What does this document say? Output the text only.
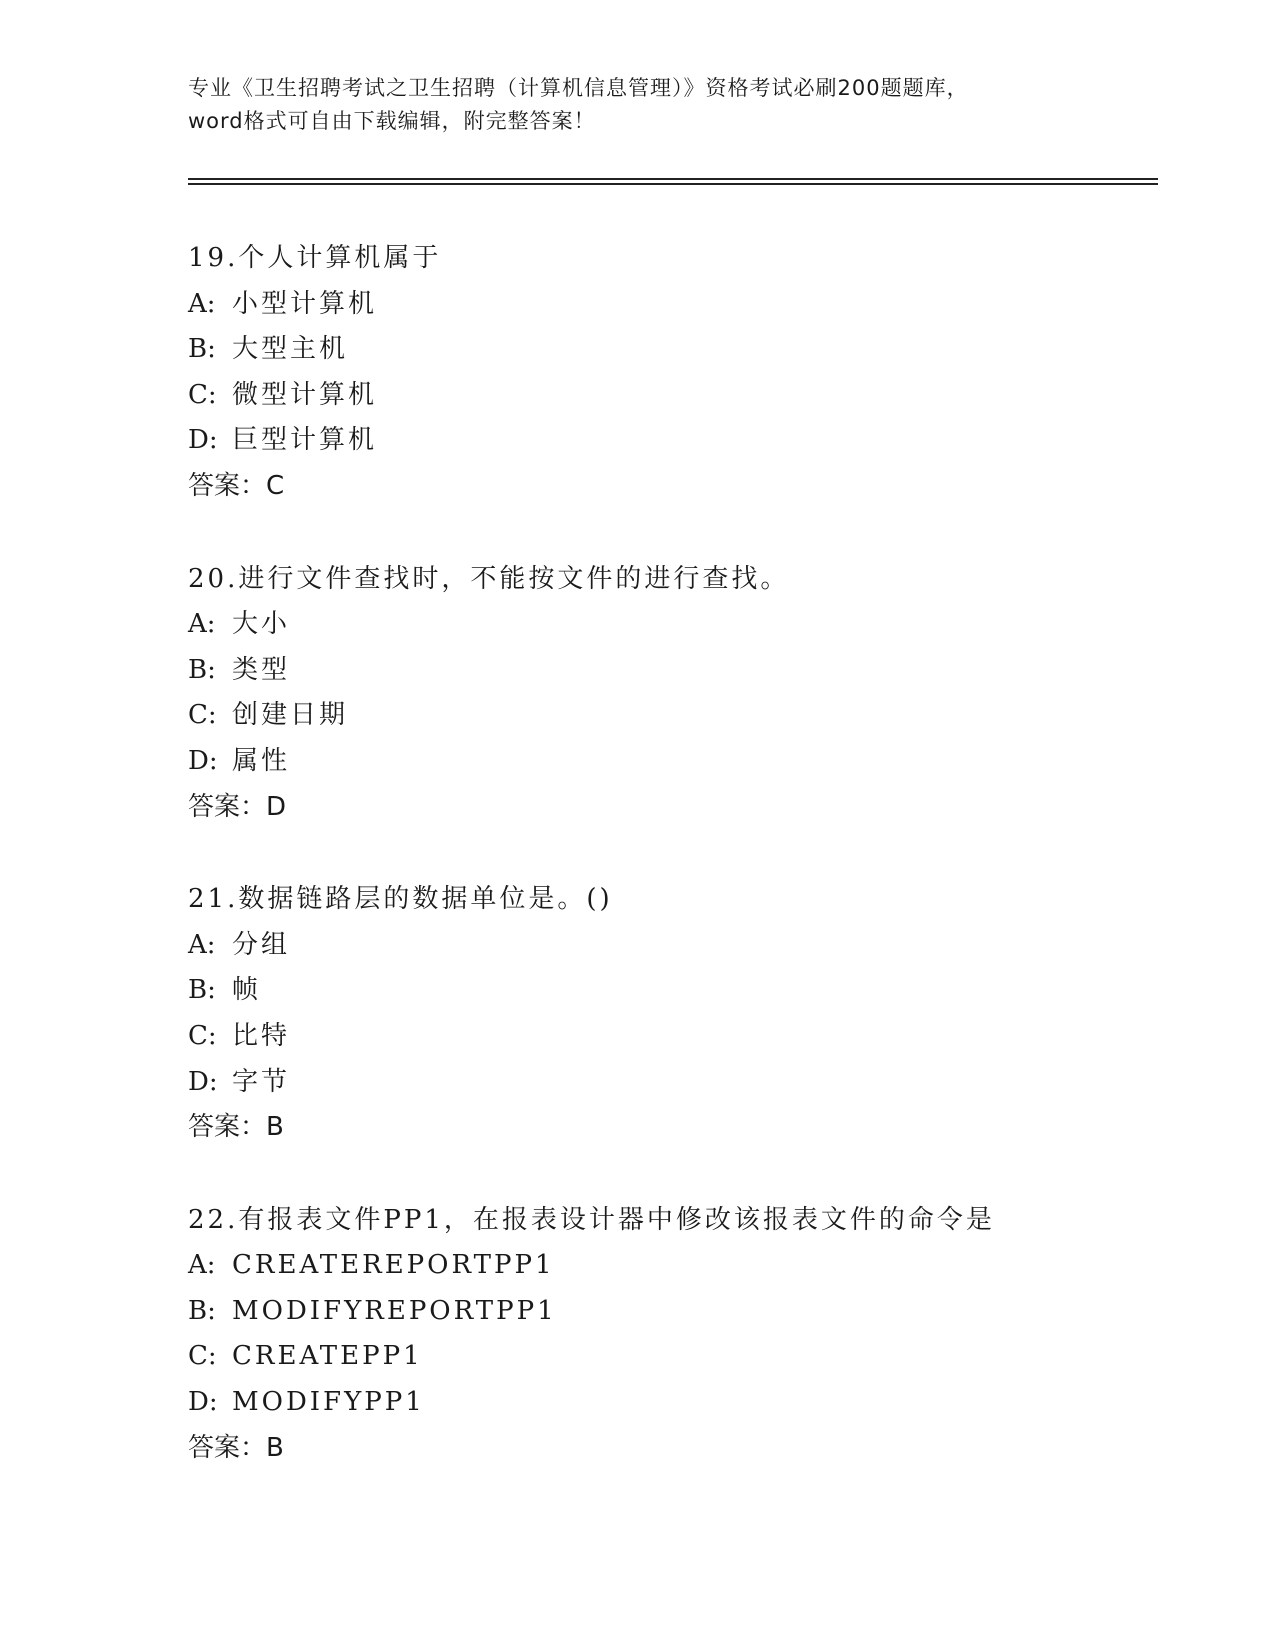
专业《卫生招聘考试之卫生招聘（计算机信息管理）》资格考试必刷200题题库，
word格式可自由下载编辑，附完整答案！
19.个人计算机属于
A: 小型计算机
B: 大型主机
C: 微型计算机
D: 巨型计算机
答案：C
20.进行文件查找时，不能按文件的进行查找。
A: 大小
B: 类型
C: 创建日期
D: 属性
答案：D
21.数据链路层的数据单位是。()
A: 分组
B: 帧
C: 比特
D: 字节
答案：B
22.有报表文件PP1，在报表设计器中修改该报表文件的命令是
A: CREATEREPORTPP1
B: MODIFYREPORTPP1
C: CREATEPP1
D: MODIFYPP1
答案：B
